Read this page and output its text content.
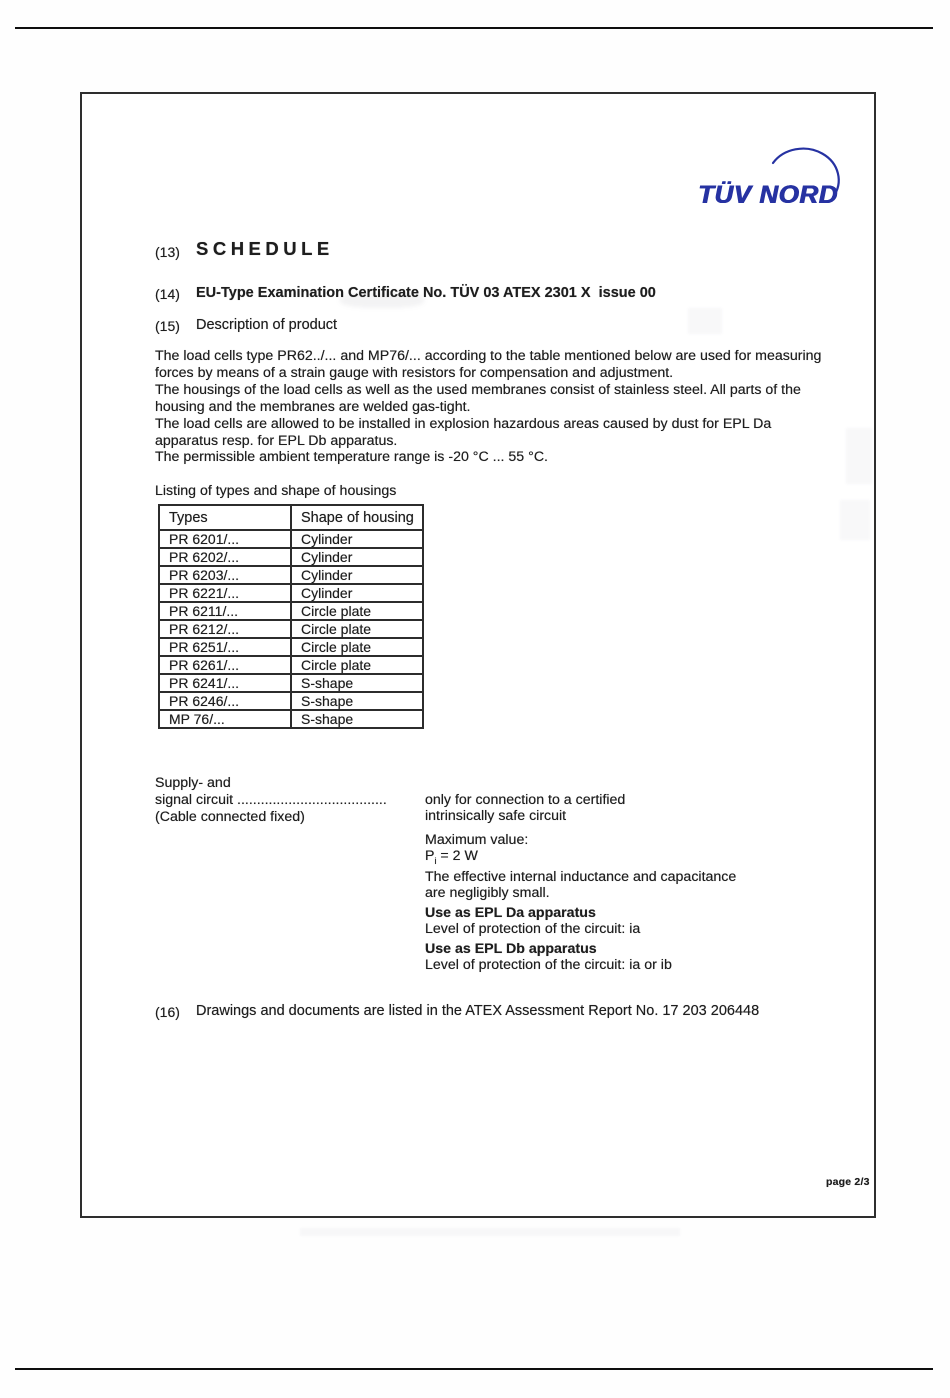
TÜV NORD
(13) SCHEDULE
(14) EU-Type Examination Certificate No. TÜV 03 ATEX 2301 X  issue 00
(15) Description of product
The load cells type PR62../... and MP76/... according to the table mentioned below are used for measuring
forces by means of a strain gauge with resistors for compensation and adjustment.
The housings of the load cells as well as the used membranes consist of stainless steel. All parts of the
housing and the membranes are welded gas-tight.
The load cells are allowed to be installed in explosion hazardous areas caused by dust for EPL Da
apparatus resp. for EPL Db apparatus.
The permissible ambient temperature range is -20 °C ... 55 °C.
Listing of types and shape of housings
Types	Shape of housing
PR 6201/...	Cylinder
PR 6202/...	Cylinder
PR 6203/...	Cylinder
PR 6221/...	Cylinder
PR 6211/...	Circle plate
PR 6212/...	Circle plate
PR 6251/...	Circle plate
PR 6261/...	Circle plate
PR 6241/...	S-shape
PR 6246/...	S-shape
MP 76/...	S-shape
Supply- and
signal circuit ......................................
(Cable connected fixed)
only for connection to a certified
intrinsically safe circuit
Maximum value:
$P_i = 2$ W
The effective internal inductance and capacitance
are negligibly small.
Use as EPL Da apparatus
Level of protection of the circuit: ia
Use as EPL Db apparatus
Level of protection of the circuit: ia or ib
(16) Drawings and documents are listed in the ATEX Assessment Report No. 17 203 206448
page 2/3
